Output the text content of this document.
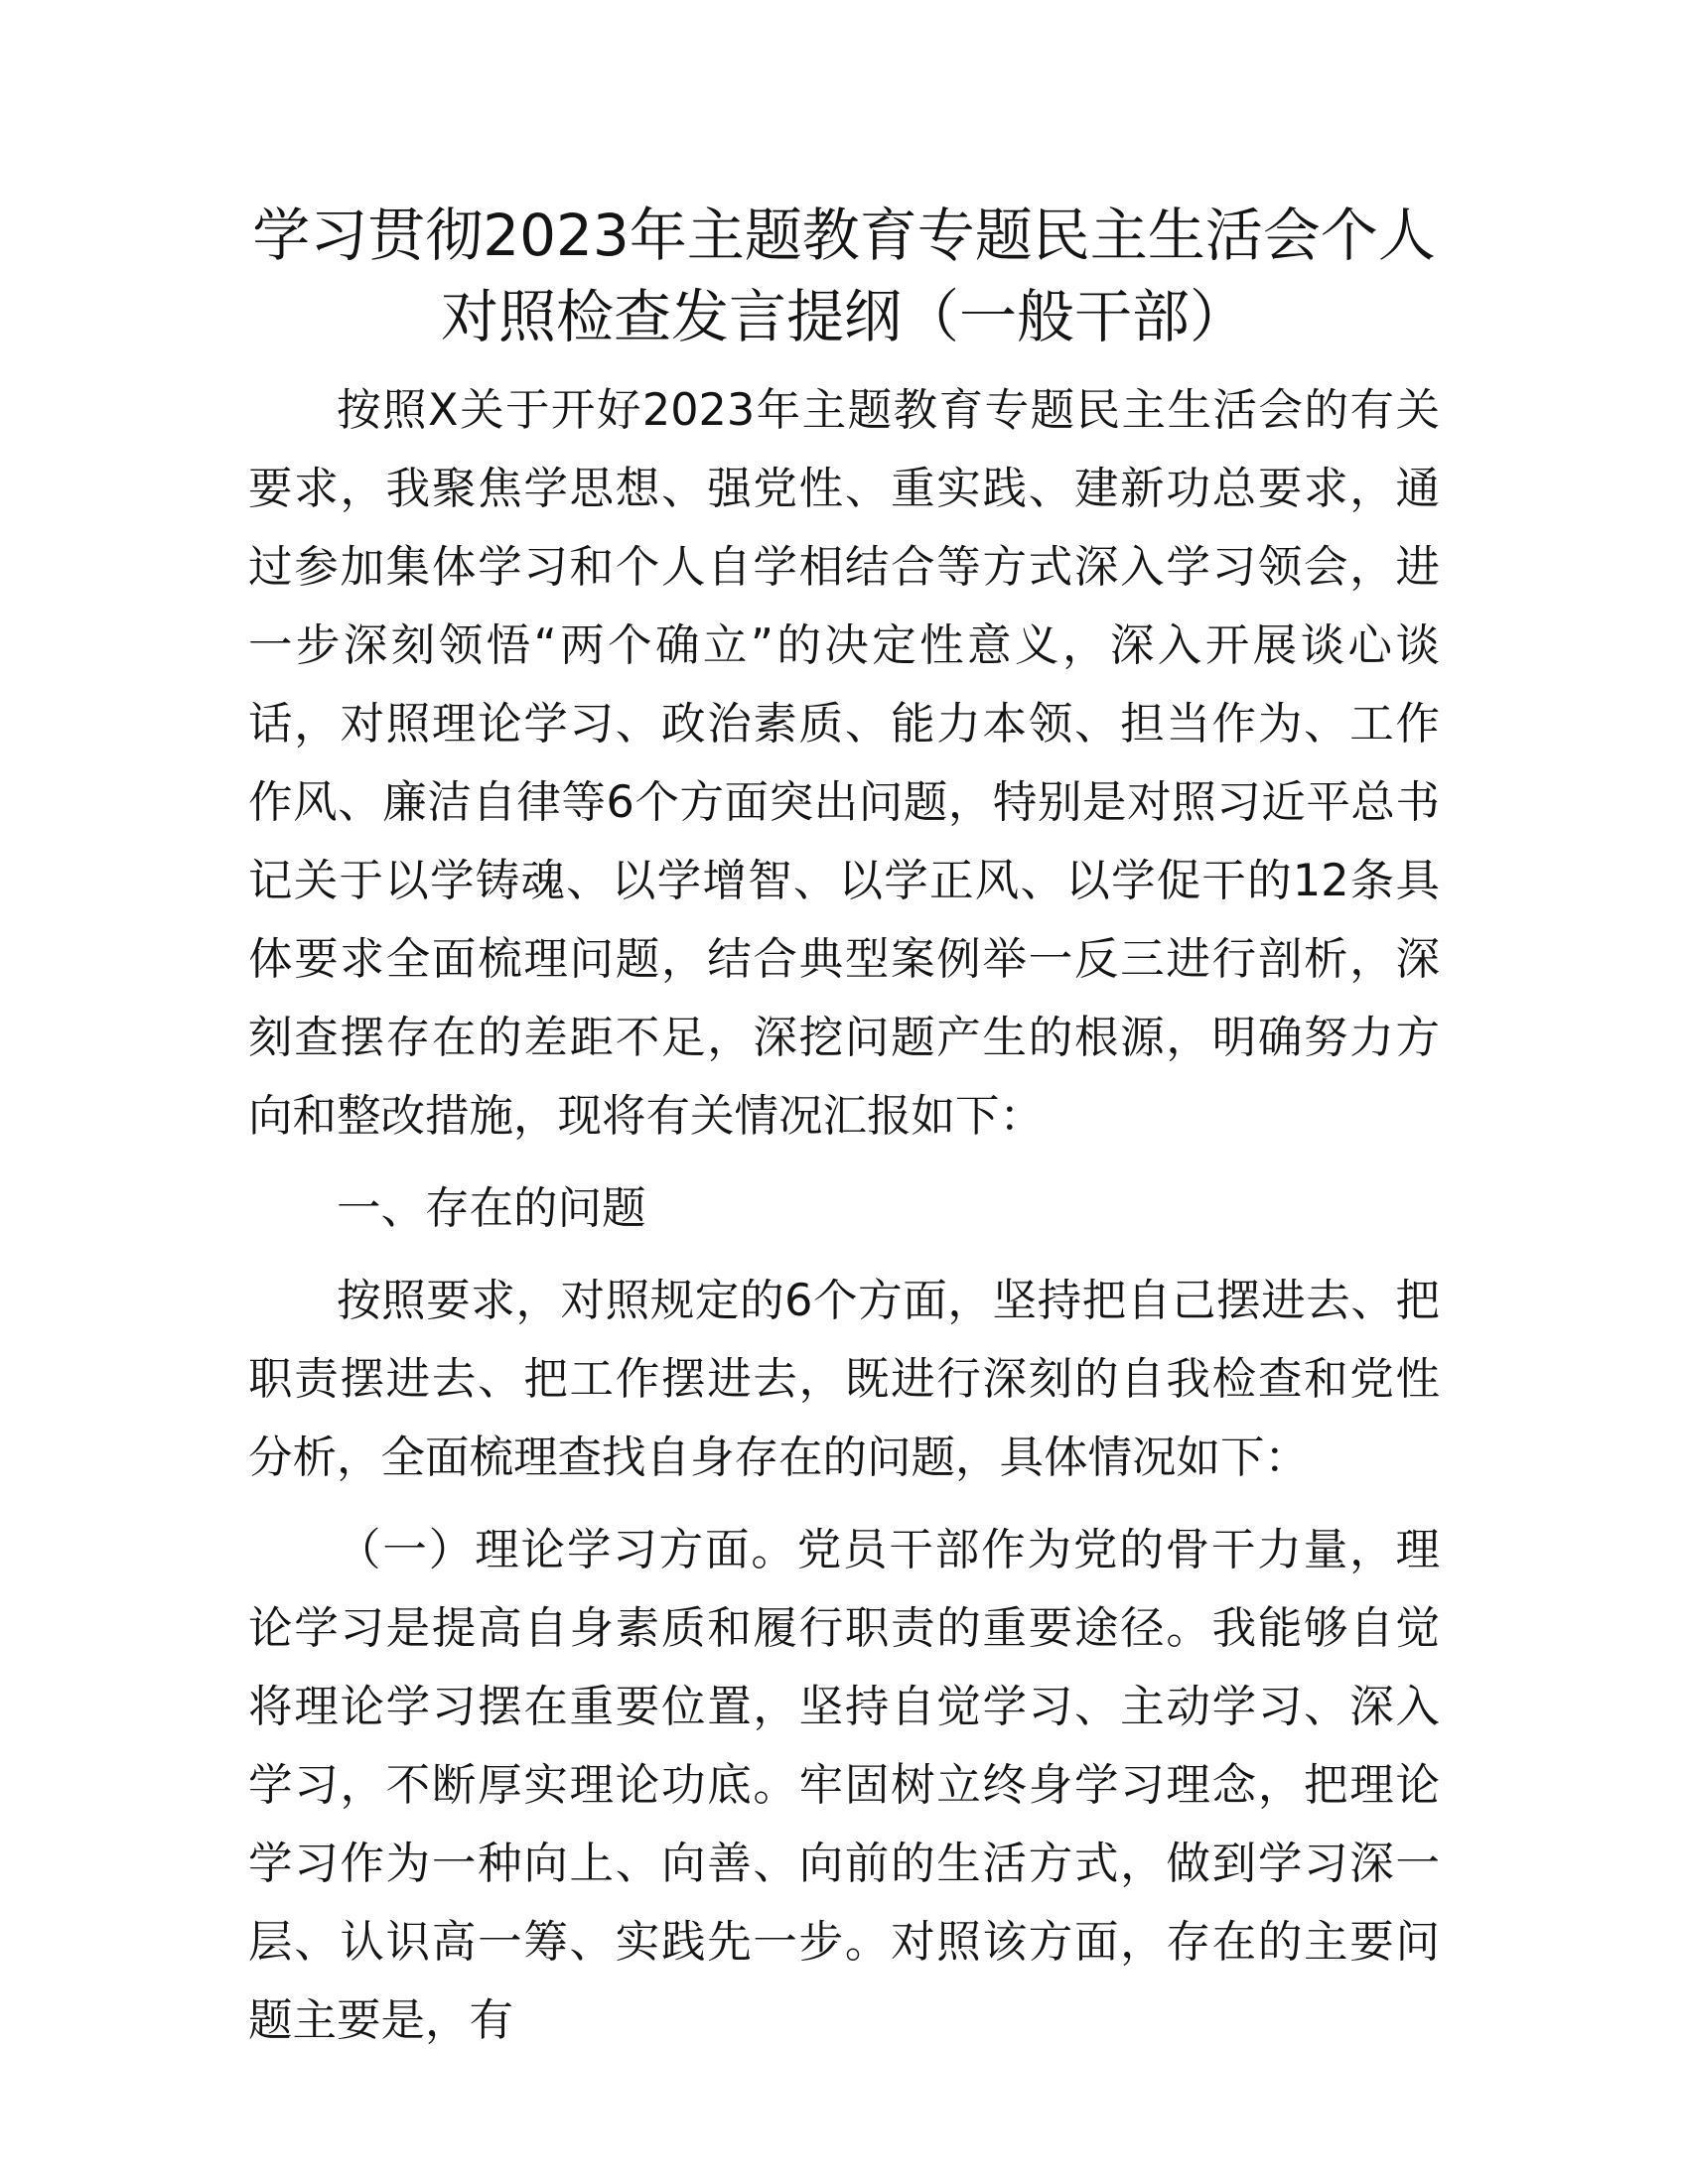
学习贯彻2023年主题教育专题民主生活会个人
对照检查发言提纲（一般干部）

按照X关于开好2023年主题教育专题民主生活会的有关要求，我聚焦学思想、强党性、重实践、建新功总要求，通过参加集体学习和个人自学相结合等方式深入学习领会，进一步深刻领悟“两个确立”的决定性意义，深入开展谈心谈话，对照理论学习、政治素质、能力本领、担当作为、工作作风、廉洁自律等6个方面突出问题，特别是对照习近平总书记关于以学铸魂、以学增智、以学正风、以学促干的12条具体要求全面梳理问题，结合典型案例举一反三进行剖析，深刻查摆存在的差距不足，深挖问题产生的根源，明确努力方向和整改措施，现将有关情况汇报如下：

一、存在的问题

按照要求，对照规定的6个方面，坚持把自己摆进去、把职责摆进去、把工作摆进去，既进行深刻的自我检查和党性分析，全面梳理查找自身存在的问题，具体情况如下：

（一）理论学习方面。党员干部作为党的骨干力量，理论学习是提高自身素质和履行职责的重要途径。我能够自觉将理论学习摆在重要位置，坚持自觉学习、主动学习、深入学习，不断厚实理论功底。牢固树立终身学习理念，把理论学习作为一种向上、向善、向前的生活方式，做到学习深一层、认识高一筹、实践先一步。对照该方面，存在的主要问题主要是，有
